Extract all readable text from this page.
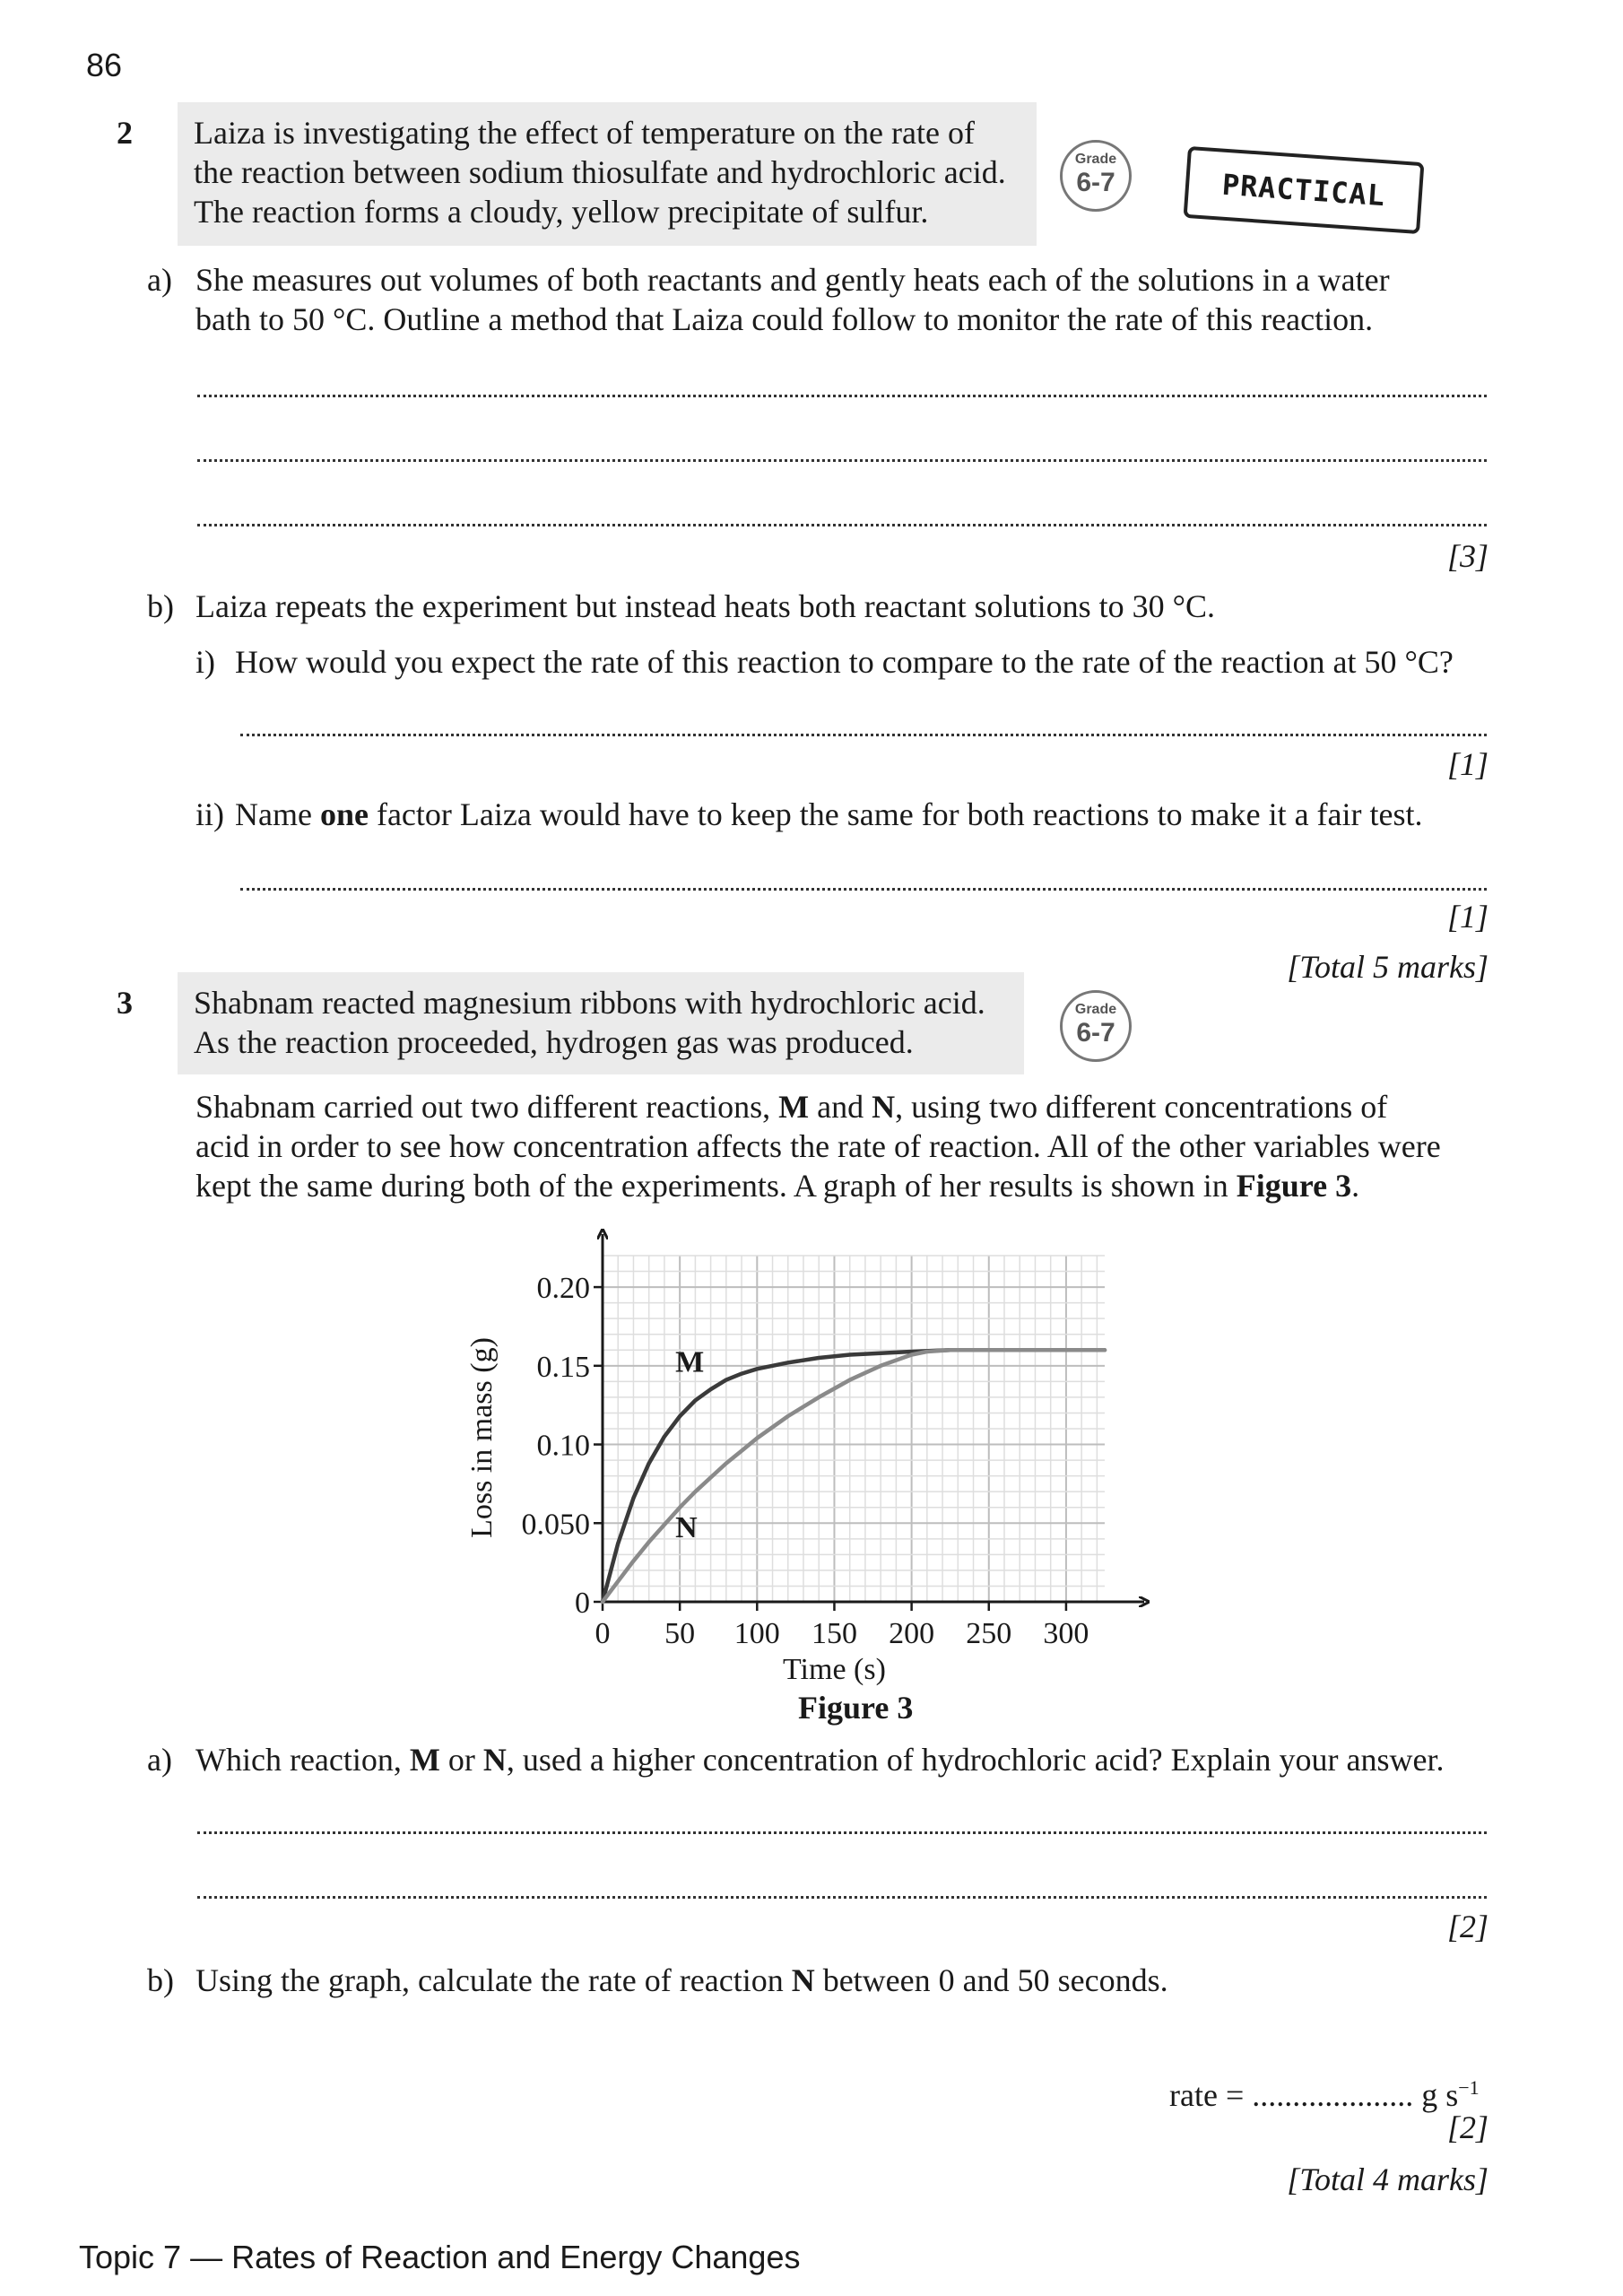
86
2 Laiza is investigating the effect of temperature on the rate of
the reaction between sodium thiosulfate and hydrochloric acid.
The reaction forms a cloudy, yellow precipitate of sulfur.
Grade
6-7	PRACTICAL
a) She measures out volumes of both reactants and gently heats each of the solutions in a water
bath to 50 °C. Outline a method that Laiza could follow to monitor the rate of this reaction.
[3]
b) Laiza repeats the experiment but instead heats both reactant solutions to 30 °C.
i) How would you expect the rate of this reaction to compare to the rate of the reaction at 50 °C?
[1]
ii) Name one factor Laiza would have to keep the same for both reactions to make it a fair test.
[1]
[Total 5 marks]
3 Shabnam reacted magnesium ribbons with hydrochloric acid.
As the reaction proceeded, hydrogen gas was produced.
Grade
6-7
Shabnam carried out two different reactions, M and N, using two different concentrations of
acid in order to see how concentration affects the rate of reaction. All of the other variables were
kept the same during both of the experiments. A graph of her results is shown in Figure 3.
0
0.050
0.10
0.15
0.20
0 50 100 150 200 250 300
Time (s)
Loss in mass (g)	M
N
Figure 3
a) Which reaction, M or N, used a higher concentration of hydrochloric acid? Explain your answer.
[2]
b) Using the graph, calculate the rate of reaction N between 0 and 50 seconds.
rate = .................... g $s^{-1}$
[2]
[Total 4 marks]
Topic 7 — Rates of Reaction and Energy Changes
